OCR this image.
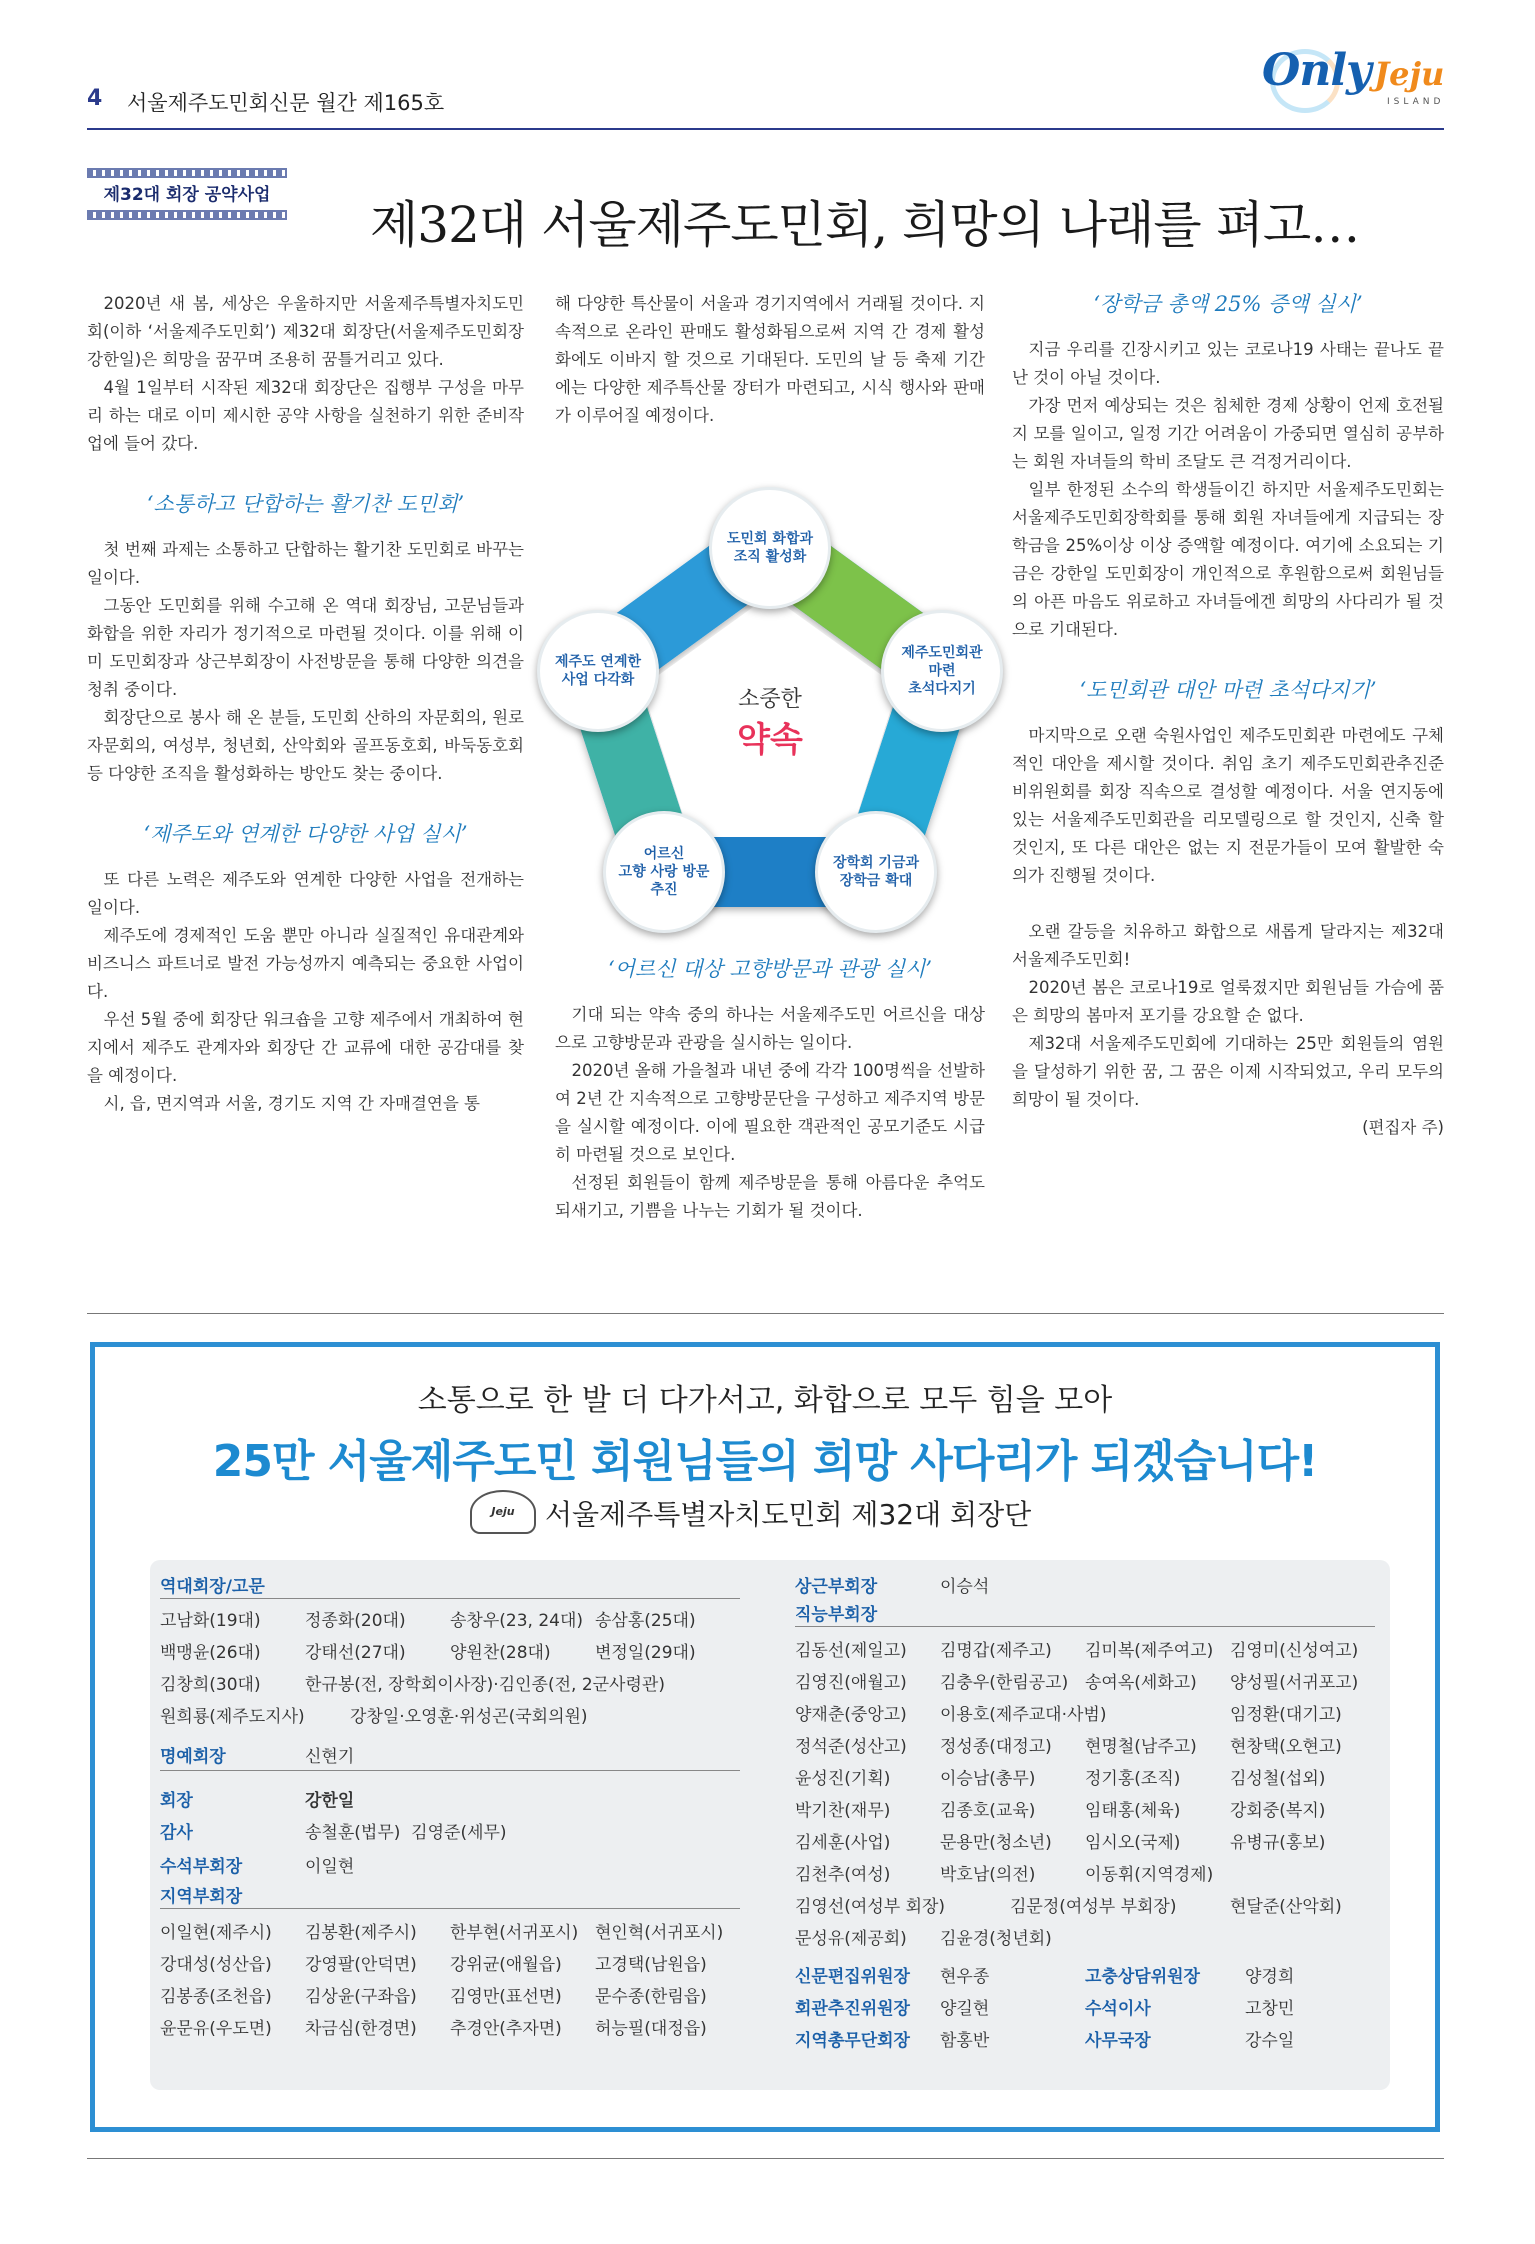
4 서울제주도민회신문 월간 제165호
Only Jeju
ISLAND
제32대 회장 공약사업
제32대 서울제주도민회, 희망의 나래를 펴고…

2020년 새 봄, 세상은 우울하지만 서울제주특별자치도민회(이하 ‘서울제주도민회’) 제32대 회장단(서울제주도민회장 강한일)은 희망을 꿈꾸며 조용히 꿈틀거리고 있다.

4월 1일부터 시작된 제32대 회장단은 집행부 구성을 마무리 하는 대로 이미 제시한 공약 사항을 실천하기 위한 준비작업에 들어 갔다.

‘소통하고 단합하는 활기찬 도민회’

첫 번째 과제는 소통하고 단합하는 활기찬 도민회로 바꾸는 일이다.

그동안 도민회를 위해 수고해 온 역대 회장님, 고문님들과 화합을 위한 자리가 정기적으로 마련될 것이다. 이를 위해 이미 도민회장과 상근부회장이 사전방문을 통해 다양한 의견을 청취 중이다.

회장단으로 봉사 해 온 분들, 도민회 산하의 자문회의, 원로자문회의, 여성부, 청년회, 산악회와 골프동호회, 바둑동호회 등 다양한 조직을 활성화하는 방안도 찾는 중이다.

‘제주도와 연계한 다양한 사업 실시’

또 다른 노력은 제주도와 연계한 다양한 사업을 전개하는 일이다.

제주도에 경제적인 도움 뿐만 아니라 실질적인 유대관계와 비즈니스 파트너로 발전 가능성까지 예측되는 중요한 사업이다.

우선 5월 중에 회장단 워크숍을 고향 제주에서 개최하여 현지에서 제주도 관계자와 회장단 간 교류에 대한 공감대를 찾을 예정이다.

시, 읍, 면지역과 서울, 경기도 지역 간 자매결연을 통

해 다양한 특산물이 서울과 경기지역에서 거래될 것이다. 지속적으로 온라인 판매도 활성화됨으로써 지역 간 경제 활성화에도 이바지 할 것으로 기대된다. 도민의 날 등 축제 기간에는 다양한 제주특산물 장터가 마련되고, 시식 행사와 판매가 이루어질 예정이다.

소중한
약속
도민회 화합과
조직 활성화
제주도민회관
마련
초석다지기
장학회 기금과
장학금 확대
어르신
고향 사랑 방문
추진
제주도 연계한
사업 다각화
‘어르신 대상 고향방문과 관광 실시’

기대 되는 약속 중의 하나는 서울제주도민 어르신을 대상으로 고향방문과 관광을 실시하는 일이다.

2020년 올해 가을철과 내년 중에 각각 100명씩을 선발하여 2년 간 지속적으로 고향방문단을 구성하고 제주지역 방문을 실시할 예정이다. 이에 필요한 객관적인 공모기준도 시급히 마련될 것으로 보인다.

선정된 회원들이 함께 제주방문을 통해 아름다운 추억도 되새기고, 기쁨을 나누는 기회가 될 것이다.

‘장학금 총액 25% 증액 실시’

지금 우리를 긴장시키고 있는 코로나19 사태는 끝나도 끝난 것이 아닐 것이다.

가장 먼저 예상되는 것은 침체한 경제 상황이 언제 호전될지 모를 일이고, 일정 기간 어려움이 가중되면 열심히 공부하는 회원 자녀들의 학비 조달도 큰 걱정거리이다.

일부 한정된 소수의 학생들이긴 하지만 서울제주도민회는 서울제주도민회장학회를 통해 회원 자녀들에게 지급되는 장학금을 25%이상 이상 증액할 예정이다. 여기에 소요되는 기금은 강한일 도민회장이 개인적으로 후원함으로써 회원님들의 아픈 마음도 위로하고 자녀들에겐 희망의 사다리가 될 것으로 기대된다.

‘도민회관 대안 마련 초석다지기’

마지막으로 오랜 숙원사업인 제주도민회관 마련에도 구체적인 대안을 제시할 것이다. 취임 초기 제주도민회관추진준비위원회를 회장 직속으로 결성할 예정이다. 서울 연지동에 있는 서울제주도민회관을 리모델링으로 할 것인지, 신축 할 것인지, 또 다른 대안은 없는 지 전문가들이 모여 활발한 숙의가 진행될 것이다.

오랜 갈등을 치유하고 화합으로 새롭게 달라지는 제32대 서울제주도민회!

2020년 봄은 코로나19로 얼룩졌지만 회원님들 가슴에 품은 희망의 봄마저 포기를 강요할 순 없다.

제32대 서울제주도민회에 기대하는 25만 회원들의 염원을 달성하기 위한 꿈, 그 꿈은 이제 시작되었고, 우리 모두의 희망이 될 것이다.

(편집자 주)

소통으로 한 발 더 다가서고, 화합으로 모두 힘을 모아
25만 서울제주도민 회원님들의 희망 사다리가 되겠습니다!
Jeju	서울제주특별자치도민회 제32대 회장단
역대회장/고문
고남화(19대)	정종화(20대)	송창우(23, 24대) 송삼홍(25대)
백맹윤(26대)	강태선(27대)	양원찬(28대)	변정일(29대)
김창희(30대)	한규봉(전, 장학회이사장)·김인종(전, 2군사령관)
원희룡(제주도지사)	강창일·오영훈·위성곤(국회의원)
명예회장	신현기
회장	강한일
감사	송철훈(법무)  김영준(세무)
수석부회장	이일현
지역부회장
이일현(제주시) 김봉환(제주시) 한부현(서귀포시) 현인혁(서귀포시)
강대성(성산읍) 강영팔(안덕면) 강위균(애월읍) 고경택(남원읍)
김봉종(조천읍) 김상윤(구좌읍) 김영만(표선면) 문수종(한림읍)
윤문유(우도면) 차금심(한경면) 추경안(추자면) 허능필(대정읍)
상근부회장	이승석
직능부회장
김동선(제일고) 김명갑(제주고) 김미복(제주여고) 김영미(신성여고)
김영진(애월고) 김충우(한림공고) 송여옥(세화고) 양성필(서귀포고)
양재춘(중앙고) 이용호(제주교대·사범)	임정환(대기고)
정석준(성산고) 정성종(대정고) 현명철(남주고) 현창택(오현고)
윤성진(기획)	이승남(총무)	정기홍(조직)	김성철(섭외)
박기찬(재무)	김종호(교육)	임태홍(체육)	강회중(복지)
김세훈(사업)	문용만(청소년) 임시오(국제)	유병규(홍보)
김천추(여성)	박호남(의전)	이동휘(지역경제)
김영선(여성부 회장)	김문정(여성부 부회장)	현달준(산악회)
문성유(제공회) 김윤경(청년회)
신문편집위원장 현우종	고충상담위원장	양경희
회관추진위원장 양길현	수석이사	고창민
지역총무단회장 함홍반	사무국장	강수일
